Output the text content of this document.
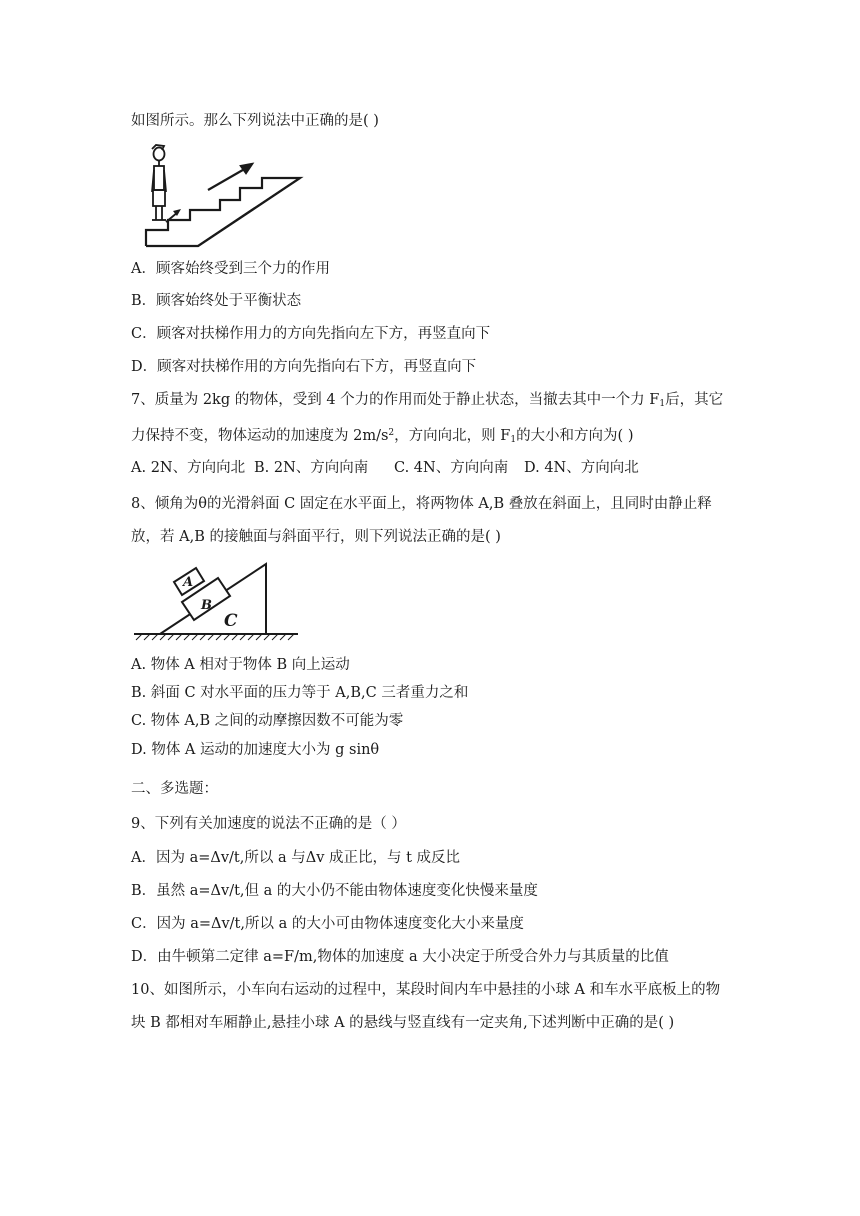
如图所示。那么下列说法中正确的是( )
A．顾客始终受到三个力的作用
B．顾客始终处于平衡状态
C．顾客对扶梯作用力的方向先指向左下方，再竖直向下
D．顾客对扶梯作用的方向先指向右下方，再竖直向下
7、质量为 2kg 的物体，受到 4 个力的作用而处于静止状态，当撤去其中一个力 $F_1$后，其它
力保持不变，物体运动的加速度为 $2m/s^2$，方向向北，则 $F_1$的大小和方向为( )
A. 2N、方向向北 B. 2N、方向向南 C. 4N、方向向南 D. 4N、方向向北
8、倾角为θ的光滑斜面 C 固定在水平面上，将两物体 A,B 叠放在斜面上，且同时由静止释
放，若 A,B 的接触面与斜面平行，则下列说法正确的是( )
A
B
C
A. 物体 A 相对于物体 B 向上运动
B. 斜面 C 对水平面的压力等于 A,B,C 三者重力之和
C. 物体 A,B 之间的动摩擦因数不可能为零
D. 物体 A 运动的加速度大小为 g sinθ
二、多选题：
9、下列有关加速度的说法不正确的是（ ）
A．因为 a=Δv/t,所以 a 与Δv 成正比，与 t 成反比
B．虽然 a=Δv/t,但 a 的大小仍不能由物体速度变化快慢来量度
C．因为 a=Δv/t,所以 a 的大小可由物体速度变化大小来量度
D．由牛顿第二定律 a=F/m,物体的加速度 a 大小决定于所受合外力与其质量的比值
10、如图所示，小车向右运动的过程中，某段时间内车中悬挂的小球 A 和车水平底板上的物
块 B 都相对车厢静止,悬挂小球 A 的悬线与竖直线有一定夹角,下述判断中正确的是( )
